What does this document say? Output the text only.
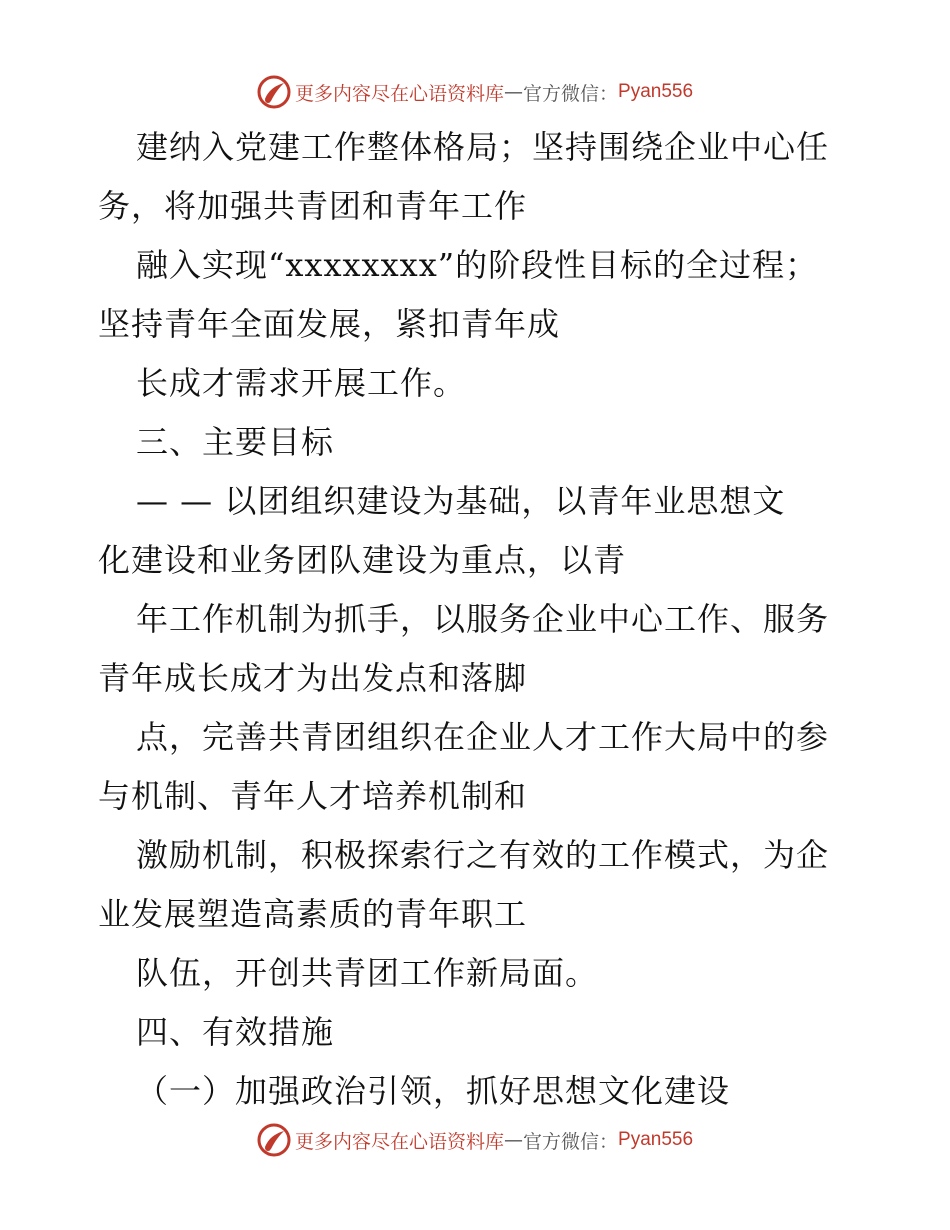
更多内容尽在心语资料库 — 官方微信 ： Pyan556
建纳入党建工作整体格局；坚持围绕企业中心任
务，将加强共青团和青年工作
融入实现“xxxxxxxx”的阶段性目标的全过程；
坚持青年全面发展，紧扣青年成
长成才需求开展工作。
三、主要目标
— — 以团组织建设为基础，以青年业思想文
化建设和业务团队建设为重点，以青
年工作机制为抓手，以服务企业中心工作、服务
青年成长成才为出发点和落脚
点，完善共青团组织在企业人才工作大局中的参
与机制、青年人才培养机制和
激励机制，积极探索行之有效的工作模式，为企
业发展塑造高素质的青年职工
队伍，开创共青团工作新局面。
四、有效措施
（一）加强政治引领，抓好思想文化建设
更多内容尽在心语资料库 — 官方微信 ： Pyan556
